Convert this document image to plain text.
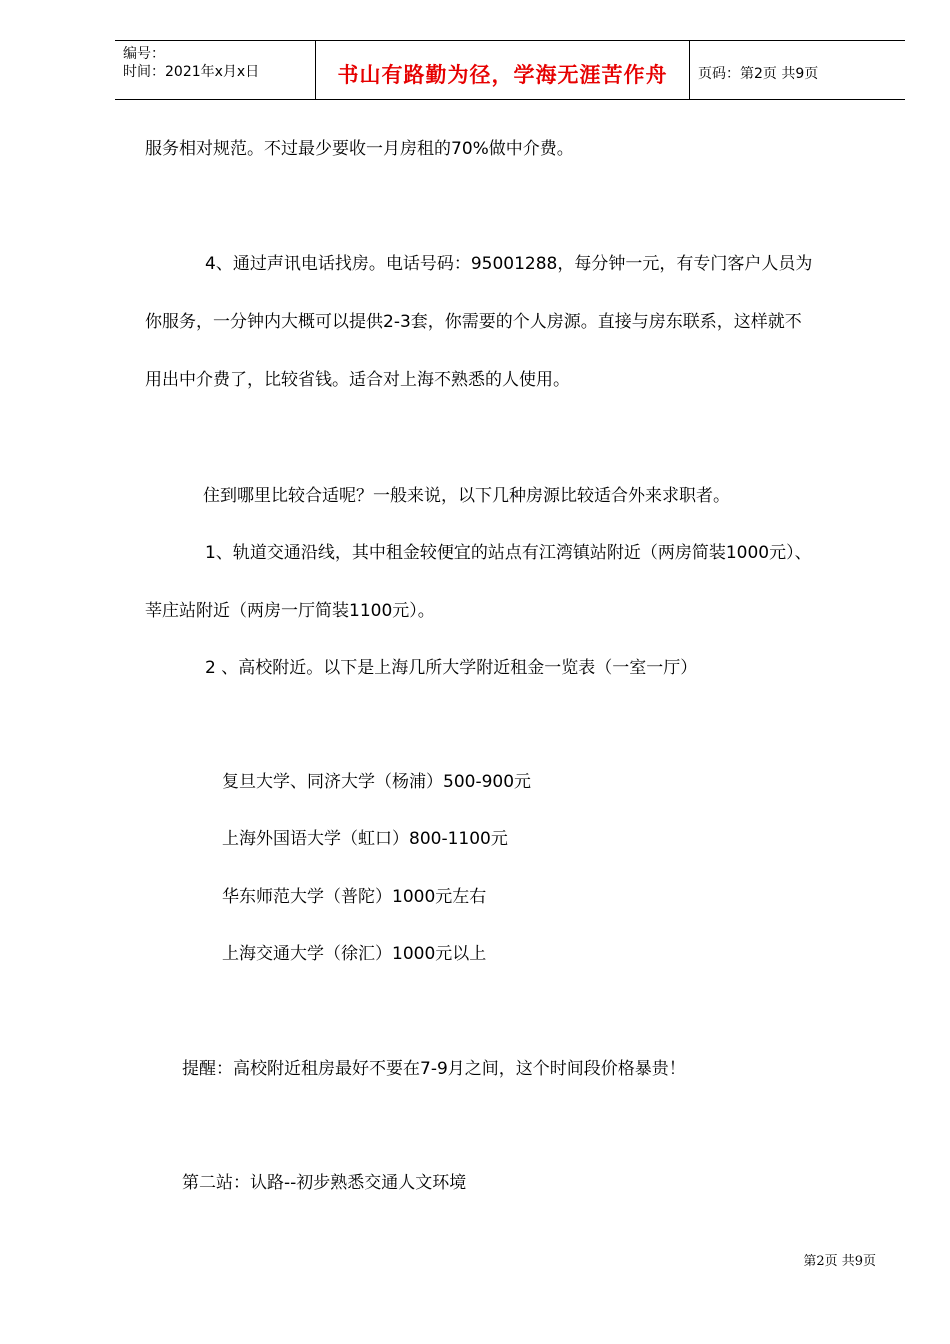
编号：
时间：2021年x月x日	书山有路勤为径，学海无涯苦作舟	页码：第2页 共9页
服务相对规范。不过最少要收一月房租的70%做中介费。
4、通过声讯电话找房。电话号码：95001288，每分钟一元，有专门客户人员为
你服务，一分钟内大概可以提供2-3套，你需要的个人房源。直接与房东联系，这样就不
用出中介费了，比较省钱。适合对上海不熟悉的人使用。
住到哪里比较合适呢？一般来说，以下几种房源比较适合外来求职者。
1、轨道交通沿线，其中租金较便宜的站点有江湾镇站附近（两房简装1000元）、
莘庄站附近（两房一厅简装1100元）。
2 、高校附近。以下是上海几所大学附近租金一览表（一室一厅）
复旦大学、同济大学（杨浦）500-900元
上海外国语大学（虹口）800-1100元
华东师范大学（普陀）1000元左右
上海交通大学（徐汇）1000元以上
提醒：高校附近租房最好不要在7-9月之间，这个时间段价格暴贵！
第二站：认路--初步熟悉交通人文环境
第2页 共9页
